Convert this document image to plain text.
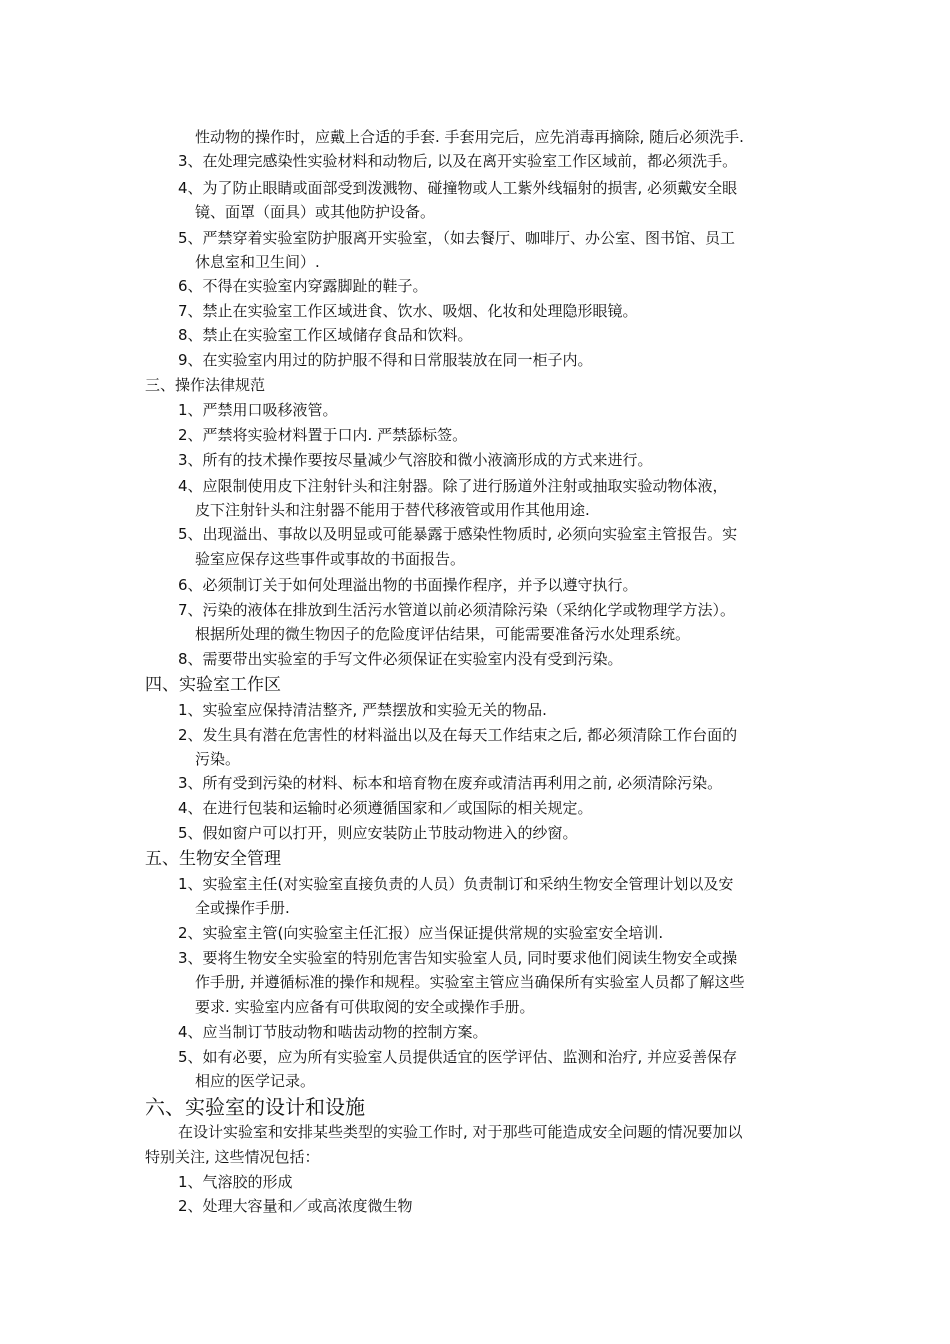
性动物的操作时，应戴上合适的手套. 手套用完后，应先消毒再摘除, 随后必须洗手.
3、在处理完感染性实验材料和动物后, 以及在离开实验室工作区域前，都必须洗手。
4、为了防止眼睛或面部受到泼溅物、碰撞物或人工紫外线辐射的损害, 必须戴安全眼
镜、面罩（面具）或其他防护设备。
5、严禁穿着实验室防护服离开实验室，（如去餐厅、咖啡厅、办公室、图书馆、员工
休息室和卫生间）.
6、不得在实验室内穿露脚趾的鞋子。
7、禁止在实验室工作区域进食、饮水、吸烟、化妆和处理隐形眼镜。
8、禁止在实验室工作区域储存食品和饮料。
9、在实验室内用过的防护服不得和日常服装放在同一柜子内。
三、操作法律规范
1、严禁用口吸移液管。
2、严禁将实验材料置于口内. 严禁舔标签。
3、所有的技术操作要按尽量减少气溶胶和微小液滴形成的方式来进行。
4、应限制使用皮下注射针头和注射器。除了进行肠道外注射或抽取实验动物体液，
皮下注射针头和注射器不能用于替代移液管或用作其他用途.
5、出现溢出、事故以及明显或可能暴露于感染性物质时, 必须向实验室主管报告。实
验室应保存这些事件或事故的书面报告。
6、必须制订关于如何处理溢出物的书面操作程序，并予以遵守执行。
7、污染的液体在排放到生活污水管道以前必须清除污染（采纳化学或物理学方法）。
根据所处理的微生物因子的危险度评估结果，可能需要准备污水处理系统。
8、需要带出实验室的手写文件必须保证在实验室内没有受到污染。
四、实验室工作区
1、实验室应保持清洁整齐, 严禁摆放和实验无关的物品.
2、发生具有潜在危害性的材料溢出以及在每天工作结束之后, 都必须清除工作台面的
污染。
3、所有受到污染的材料、标本和培育物在废弃或清洁再利用之前, 必须清除污染。
4、在进行包装和运输时必须遵循国家和／或国际的相关规定。
5、假如窗户可以打开，则应安装防止节肢动物进入的纱窗。
五、生物安全管理
1、实验室主任(对实验室直接负责的人员）负责制订和采纳生物安全管理计划以及安
全或操作手册.
2、实验室主管(向实验室主任汇报）应当保证提供常规的实验室安全培训.
3、要将生物安全实验室的特别危害告知实验室人员, 同时要求他们阅读生物安全或操
作手册, 并遵循标准的操作和规程。实验室主管应当确保所有实验室人员都了解这些
要求. 实验室内应备有可供取阅的安全或操作手册。
4、应当制订节肢动物和啮齿动物的控制方案。
5、如有必要，应为所有实验室人员提供适宜的医学评估、监测和治疗, 并应妥善保存
相应的医学记录。
六、实验室的设计和设施
在设计实验室和安排某些类型的实验工作时, 对于那些可能造成安全问题的情况要加以
特别关注, 这些情况包括：
1、气溶胶的形成
2、处理大容量和／或高浓度微生物
